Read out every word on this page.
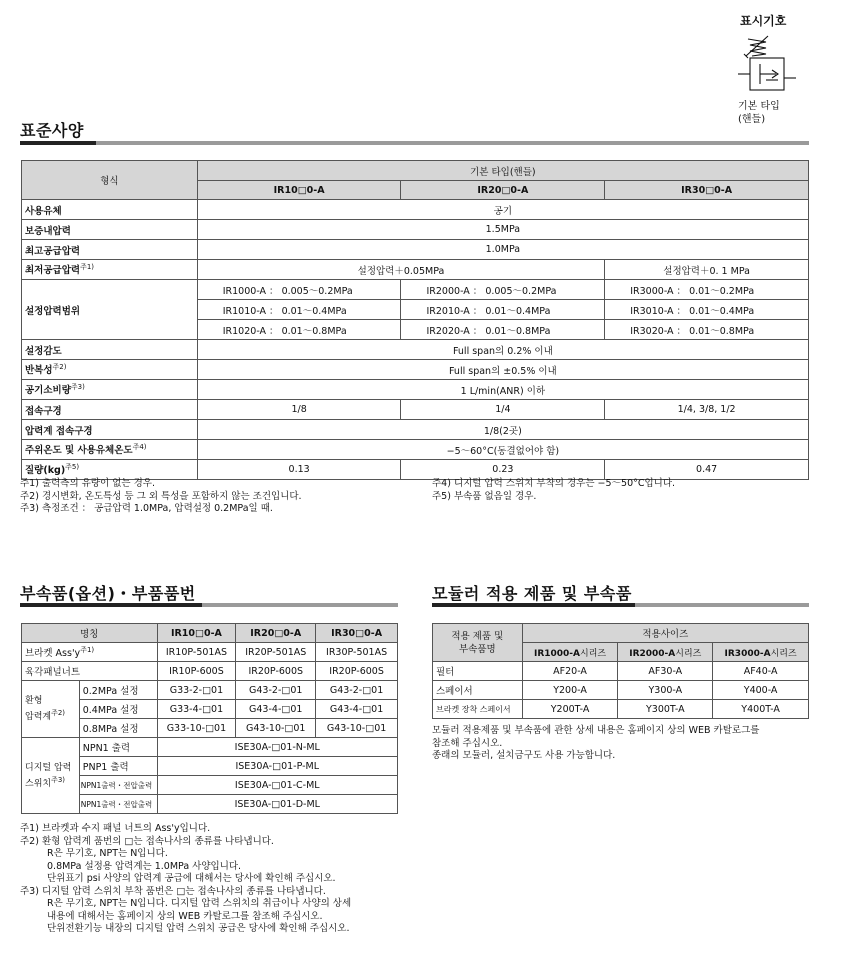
표시기호
기본 타입
(핸들)
표준사양
형식	기본 타입(핸들)		
	IR10□0-A	IR20□0-A	IR30□0-A
사용유체	공기		
보증내압력	1.5MPa		
최고공급압력	1.0MPa		
최저공급압력$^{주1)}$	설정압력＋0.05MPa		설정압력＋0. 1 MPa
설정압력범위	IR1000-A ： 0.005～0.2MPa	IR2000-A ： 0.005～0.2MPa	IR3000-A ： 0.01～0.2MPa
	IR1010-A ： 0.01～0.4MPa	IR2010-A ： 0.01～0.4MPa	IR3010-A ： 0.01～0.4MPa
	IR1020-A ： 0.01～0.8MPa	IR2020-A ： 0.01～0.8MPa	IR3020-A ： 0.01～0.8MPa
설정감도	Full span의 0.2% 이내		
반복성$^{주2)}$	Full span의 ±0.5% 이내		
공기소비량$^{주3)}$	1 L/min(ANR) 이하		
접속구경	1/8	1/4	1/4, 3/8, 1/2
압력계 접속구경	1/8(2곳)		
주위온도 및 사용유체온도$^{주4)}$	−5～60°C(동결없어야 함)		
질량(kg)$^{주5)}$	0.13	0.23	0.47
주1) 출력측의 유량이 없는 경우.
주2) 경시변화, 온도특성 등 그 외 특성을 포함하지 않는 조건입니다.
주3) 측정조건 ： 공급압력 1.0MPa, 압력설정 0.2MPa일 때.
주4) 디지털 압력 스위치 부착의 경우는 −5～50°C입니다.
주5) 부속품 없음일 경우.
부속품(옵션)・부품품번
명칭		IR10□0-A	IR20□0-A	IR30□0-A
브라켓 $Ass'y^{주1)}$		IR10P-501AS	IR20P-501AS	IR30P-501AS
육각패널너트		IR10P-600S	IR20P-600S	IR20P-600S

환형
압력계$^{주2)}$	0.2MPa 설정	G33-2-□01	G43-2-□01	G43-2-□01
	0.4MPa 설정	G33-4-□01	G43-4-□01	G43-4-□01
	0.8MPa 설정	G33-10-□01	G43-10-□01	G43-10-□01

디지털 압력
스위치$^{주3)}$	NPN1 출력	ISE30A-□01-N-ML		
	PNP1 출력	ISE30A-□01-P-ML		
	NPN1출력・전압출력	ISE30A-□01-C-ML		
	NPN1출력・전압출력	ISE30A-□01-D-ML		
주1) 브라켓과 수지 패널 너트의 Ass'y입니다.
주2) 환형 압력계 품번의 □는 접속나사의 종류를 나타냅니다.
R은 무기호, NPT는 N입니다.
0.8MPa 설정용 압력계는 1.0MPa 사양입니다.
단위표기 psi 사양의 압력계 공급에 대해서는 당사에 확인해 주십시오.
주3) 디지털 압력 스위치 부착 품번은 □는 접속나사의 종류를 나타냅니다.
R은 무기호, NPT는 N입니다. 디지털 압력 스위치의 취급이나 사양의 상세
내용에 대해서는 홈페이지 상의 WEB 카탈로그를 참조해 주십시오.
단위전환기능 내장의 디지털 압력 스위치 공급은 당사에 확인해 주십시오.
모듈러 적용 제품 및 부속품
적용 제품 및
부속품명	적용사이즈		
	IR1000-A시리즈	IR2000-A시리즈	IR3000-A시리즈
필터	AF20-A	AF30-A	AF40-A
스페이서	Y200-A	Y300-A	Y400-A
브라켓 장착 스페이서	Y200T-A	Y300T-A	Y400T-A
모듈러 적용제품 및 부속품에 관한 상세 내용은 홈페이지 상의 WEB 카탈로그를
참조해 주십시오.
종래의 모듈러, 설치금구도 사용 가능합니다.
